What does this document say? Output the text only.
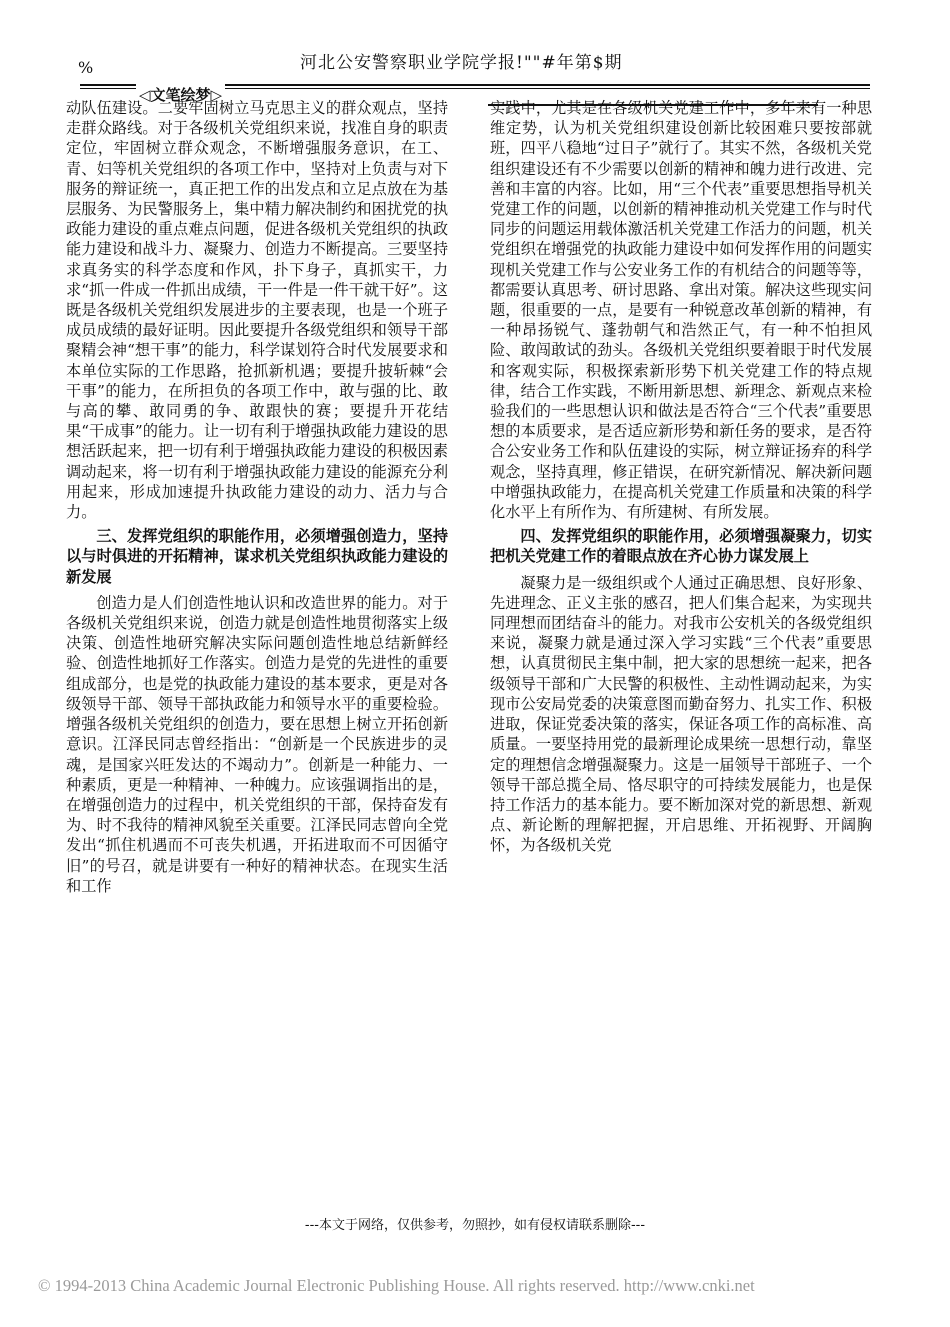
%	河北公安警察职业学院学报!""#年第$期
◁文笔绘梦▷

动队伍建设。二要牢固树立马克思主义的群众观点，坚持走群众路线。对于各级机关党组织来说，找准自身的职责定位，牢固树立群众观念，不断增强服务意识，在工、青、妇等机关党组织的各项工作中，坚持对上负责与对下服务的辩证统一，真正把工作的出发点和立足点放在为基层服务、为民警服务上，集中精力解决制约和困扰党的执政能力建设的重点难点问题，促进各级机关党组织的执政能力建设和战斗力、凝聚力、创造力不断提高。三要坚持求真务实的科学态度和作风，扑下身子，真抓实干，力求“抓一件成一件抓出成绩，干一件是一件干就干好”。这既是各级机关党组织发展进步的主要表现，也是一个班子成员成绩的最好证明。因此要提升各级党组织和领导干部聚精会神“想干事”的能力，科学谋划符合时代发展要求和本单位实际的工作思路，抢抓新机遇；要提升披斩棘“会干事”的能力，在所担负的各项工作中，敢与强的比、敢与高的攀、敢同勇的争、敢跟快的赛；要提升开花结果“干成事”的能力。让一切有利于增强执政能力建设的思想活跃起来，把一切有利于增强执政能力建设的积极因素调动起来，将一切有利于增强执政能力建设的能源充分利用起来，形成加速提升执政能力建设的动力、活力与合力。

三、发挥党组织的职能作用，必须增强创造力，坚持以与时俱进的开拓精神，谋求机关党组织执政能力建设的新发展

创造力是人们创造性地认识和改造世界的能力。对于各级机关党组织来说，创造力就是创造性地贯彻落实上级决策、创造性地研究解决实际问题创造性地总结新鲜经验、创造性地抓好工作落实。创造力是党的先进性的重要组成部分，也是党的执政能力建设的基本要求，更是对各级领导干部、领导干部执政能力和领导水平的重要检验。增强各级机关党组织的创造力，要在思想上树立开拓创新意识。江泽民同志曾经指出：“创新是一个民族进步的灵魂，是国家兴旺发达的不竭动力”。创新是一种能力、一种素质，更是一种精神、一种魄力。应该强调指出的是，在增强创造力的过程中，机关党组织的干部，保持奋发有为、时不我待的精神风貌至关重要。江泽民同志曾向全党发出“抓住机遇而不可丧失机遇，开拓进取而不可因循守旧”的号召，就是讲要有一种好的精神状态。在现实生活和工作

实践中，尤其是在各级机关党建工作中，多年来有一种思维定势，认为机关党组织建设创新比较困难只要按部就班，四平八稳地“过日子”就行了。其实不然，各级机关党组织建设还有不少需要以创新的精神和魄力进行改进、完善和丰富的内容。比如，用“三个代表”重要思想指导机关党建工作的问题，以创新的精神推动机关党建工作与时代同步的问题运用载体激活机关党建工作活力的问题，机关党组织在增强党的执政能力建设中如何发挥作用的问题实现机关党建工作与公安业务工作的有机结合的问题等等，都需要认真思考、研讨思路、拿出对策。解决这些现实问题，很重要的一点，是要有一种锐意改革创新的精神，有一种昂扬锐气、蓬勃朝气和浩然正气，有一种不怕担风险、敢闯敢试的劲头。各级机关党组织要着眼于时代发展和客观实际，积极探索新形势下机关党建工作的特点规律，结合工作实践，不断用新思想、新理念、新观点来检验我们的一些思想认识和做法是否符合“三个代表”重要思想的本质要求，是否适应新形势和新任务的要求，是否符合公安业务工作和队伍建设的实际，树立辩证扬弃的科学观念，坚持真理，修正错误，在研究新情况、解决新问题中增强执政能力，在提高机关党建工作质量和决策的科学化水平上有所作为、有所建树、有所发展。

四、发挥党组织的职能作用，必须增强凝聚力，切实把机关党建工作的着眼点放在齐心协力谋发展上

凝聚力是一级组织或个人通过正确思想、良好形象、先进理念、正义主张的感召，把人们集合起来，为实现共同理想而团结奋斗的能力。对我市公安机关的各级党组织来说，凝聚力就是通过深入学习实践“三个代表”重要思想，认真贯彻民主集中制，把大家的思想统一起来，把各级领导干部和广大民警的积极性、主动性调动起来，为实现市公安局党委的决策意图而勤奋努力、扎实工作、积极进取，保证党委决策的落实，保证各项工作的高标准、高质量。一要坚持用党的最新理论成果统一思想行动，靠坚定的理想信念增强凝聚力。这是一届领导干部班子、一个领导干部总揽全局、恪尽职守的可持续发展能力，也是保持工作活力的基本能力。要不断加深对党的新思想、新观点、新论断的理解把握，开启思维、开拓视野、开阔胸怀，为各级机关党

---本文于网络，仅供参考，勿照抄，如有侵权请联系删除---
© 1994-2013 China Academic Journal Electronic Publishing House. All rights reserved. http://www.cnki.net
